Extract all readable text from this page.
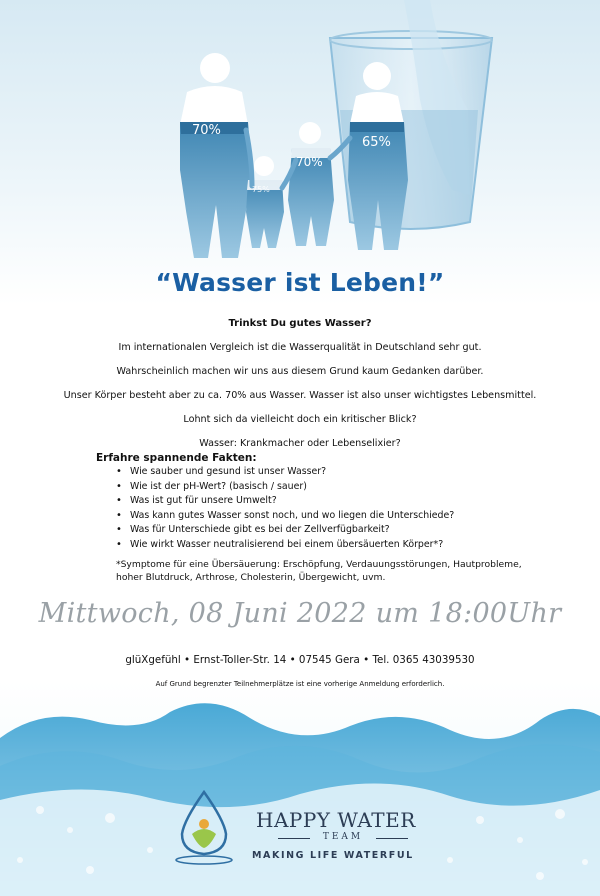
70%
75%
70%
65%
“Wasser ist Leben!”
Trinkst Du gutes Wasser?
Im internationalen Vergleich ist die Wasserqualität in Deutschland sehr gut.
Wahrscheinlich machen wir uns aus diesem Grund kaum Gedanken darüber.
Unser Körper besteht aber zu ca. 70% aus Wasser. Wasser ist also unser wichtigstes Lebensmittel.
Lohnt sich da vielleicht doch ein kritischer Blick?
Wasser: Krankmacher oder Lebenselixier?
Erfahre spannende Fakten:
• Wie sauber und gesund ist unser Wasser?
• Wie ist der pH-Wert? (basisch / sauer)
• Was ist gut für unsere Umwelt?
• Was kann gutes Wasser sonst noch, und wo liegen die Unterschiede?
• Was für Unterschiede gibt es bei der Zellverfügbarkeit?
• Wie wirkt Wasser neutralisierend bei einem übersäuerten Körper*?
*Symptome für eine Übersäuerung: Erschöpfung, Verdauungsstörungen, Hautprobleme, hoher Blutdruck, Arthrose, Cholesterin, Übergewicht, uvm.
Mittwoch, 08 Juni 2022 um 18:00Uhr
glüXgefühl • Ernst-Toller-Str. 14 • 07545 Gera • Tel. 0365 43039530
Auf Grund begrenzter Teilnehmerplätze ist eine vorherige Anmeldung erforderlich.
HAPPY WATER
TEAM
MAKING LIFE WATERFUL
